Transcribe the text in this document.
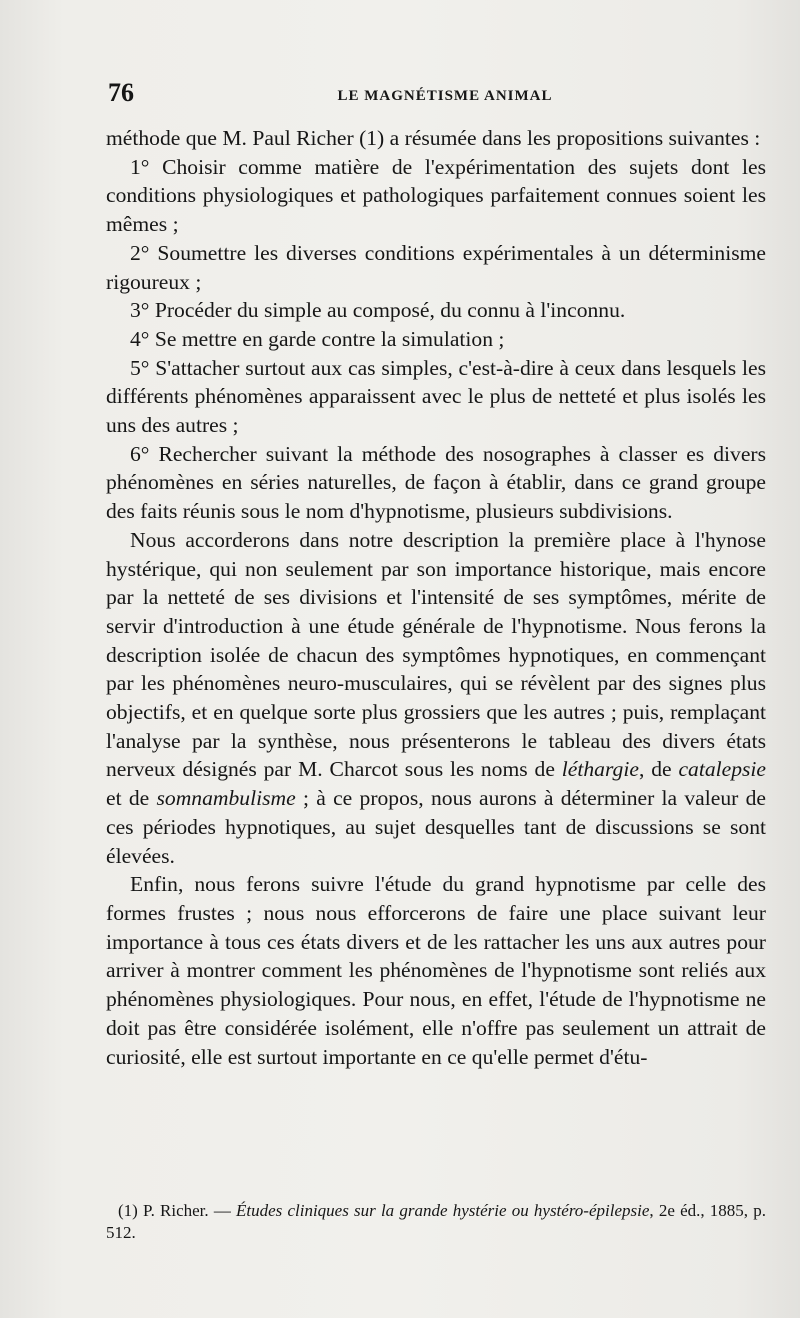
76	LE MAGNÉTISME ANIMAL

méthode que M. Paul Richer (1) a résumée dans les propositions suivantes :

1° Choisir comme matière de l'expérimentation des sujets dont les conditions physiologiques et pathologiques parfaitement connues soient les mêmes ;

2° Soumettre les diverses conditions expérimentales à un déterminisme rigoureux ;

3° Procéder du simple au composé, du connu à l'inconnu.

4° Se mettre en garde contre la simulation ;

5° S'attacher surtout aux cas simples, c'est-à-dire à ceux dans lesquels les différents phénomènes apparaissent avec le plus de netteté et plus isolés les uns des autres ;

6° Rechercher suivant la méthode des nosographes à classer es divers phénomènes en séries naturelles, de façon à établir, dans ce grand groupe des faits réunis sous le nom d'hypnotisme, plusieurs subdivisions.

Nous accorderons dans notre description la première place à l'hynose hystérique, qui non seulement par son importance historique, mais encore par la netteté de ses divisions et l'intensité de ses symptômes, mérite de servir d'introduction à une étude générale de l'hypnotisme. Nous ferons la description isolée de chacun des symptômes hypnotiques, en commençant par les phénomènes neuro-musculaires, qui se révèlent par des signes plus objectifs, et en quelque sorte plus grossiers que les autres ; puis, remplaçant l'analyse par la synthèse, nous présenterons le tableau des divers états nerveux désignés par M. Charcot sous les noms de léthargie, de catalepsie et de somnambulisme ; à ce propos, nous aurons à déterminer la valeur de ces périodes hypnotiques, au sujet desquelles tant de discussions se sont élevées.

Enfin, nous ferons suivre l'étude du grand hypnotisme par celle des formes frustes ; nous nous efforcerons de faire une place suivant leur importance à tous ces états divers et de les rattacher les uns aux autres pour arriver à montrer comment les phénomènes de l'hypnotisme sont reliés aux phénomènes physiologiques. Pour nous, en effet, l'étude de l'hypnotisme ne doit pas être considérée isolément, elle n'offre pas seulement un attrait de curiosité, elle est surtout importante en ce qu'elle permet d'étu-

(1) P. Richer. — Études cliniques sur la grande hystérie ou hystéro-épilepsie, 2e éd., 1885, p. 512.
